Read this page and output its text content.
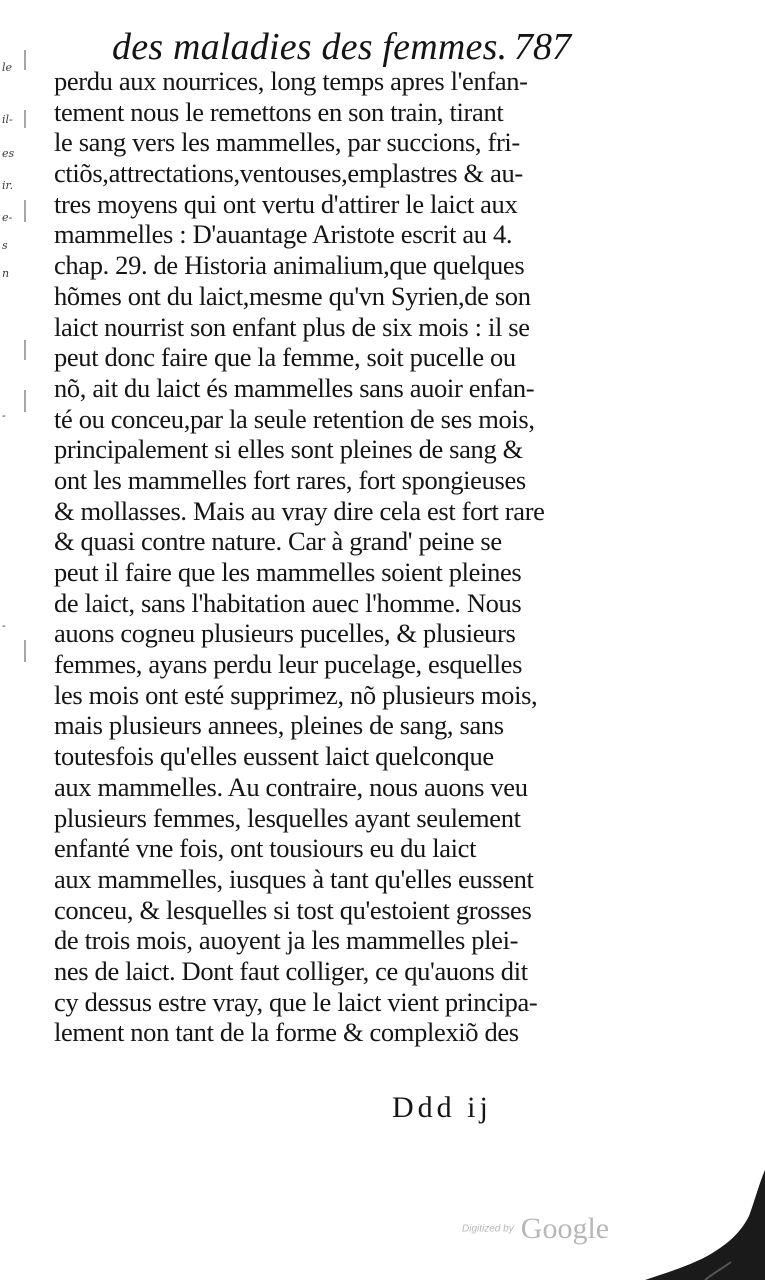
le
il-
es
ir.
e-
s
n
-
-
des maladies des femmes. 787
perdu aux nourrices, long temps apres l'enfan-
tement nous le remettons en son train, tirant
le sang vers les mammelles, par succions, fri-
ctiõs,attrectations,ventouses,emplastres & au-
tres moyens qui ont vertu d'attirer le laict aux
mammelles : D'auantage Aristote escrit au 4.
chap. 29. de Historia animalium,que quelques
hõmes ont du laict,mesme qu'vn Syrien,de son
laict nourrist son enfant plus de six mois : il se
peut donc faire que la femme, soit pucelle ou
nõ, ait du laict és mammelles sans auoir enfan-
té ou conceu,par la seule retention de ses mois,
principalement si elles sont pleines de sang &
ont les mammelles fort rares, fort spongieuses
& mollasses. Mais au vray dire cela est fort rare
& quasi contre nature. Car à grand' peine se
peut il faire que les mammelles soient pleines
de laict, sans l'habitation auec l'homme. Nous
auons cogneu plusieurs pucelles, & plusieurs
femmes, ayans perdu leur pucelage, esquelles
les mois ont esté supprimez, nõ plusieurs mois,
mais plusieurs annees, pleines de sang, sans
toutesfois qu'elles eussent laict quelconque
aux mammelles. Au contraire, nous auons veu
plusieurs femmes, lesquelles ayant seulement
enfanté vne fois, ont tousiours eu du laict
aux mammelles, iusques à tant qu'elles eussent
conceu, & lesquelles si tost qu'estoient grosses
de trois mois, auoyent ja les mammelles plei-
nes de laict. Dont faut colliger, ce qu'auons dit
cy dessus estre vray, que le laict vient principa-
lement non tant de la forme & complexiõ des
Ddd ij
Digitized by Google
